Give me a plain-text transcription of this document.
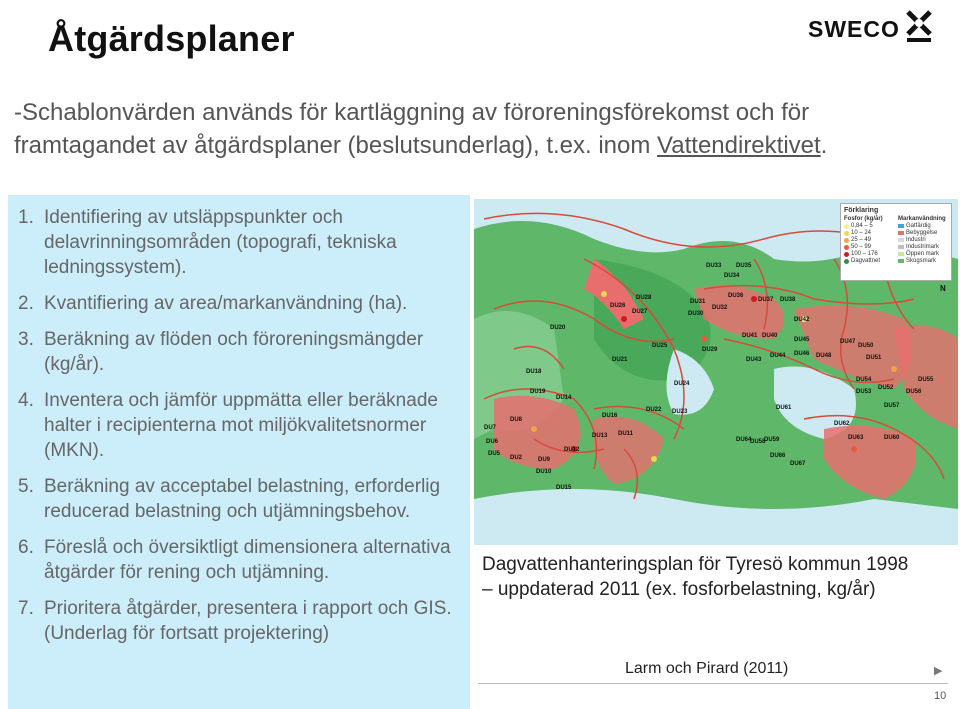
Åtgärdsplaner	SWECO
-Schablonvärden används för kartläggning av föroreningsförekomst och för framtagandet av åtgärdsplaner (beslutsunderlag), t.ex. inom Vattendirektivet.
1. Identifiering av utsläppspunkter och delavrinningsområden (topografi, tekniska ledningssystem).
2. Kvantifiering av area/markanvändning (ha).
3. Beräkning av flöden och föroreningsmängder (kg/år).
4. Inventera och jämför uppmätta eller beräknade halter i recipienterna mot miljökvalitetsnormer (MKN).
5. Beräkning av acceptabel belastning, erforderlig reducerad belastning och utjämningsbehov.
6. Föreslå och översiktligt dimensionera alternativa åtgärder för rening och utjämning.
7. Prioritera åtgärder, presentera i rapport och GIS. (Underlag för fortsatt projektering)
DU33
DU34
DU35
DU28
DU27
DU26
DU31
DU32
DU30
DU36
DU37 DU38
DU42
DU20
DU25
DU29
DU41 DU40
DU45
DU48
DU47
DU50
DU43
DU44 DU46
DU51
DU21
DU18
DU19
DU14
DU24
DU54
DU52
DU53	DU56
DU57
DU61
DU22 DU23
DU16
DU13 DU11
DU12
DU9
DU8
DU7
DU6
DU5
DU2
DU10
DU15
DU58
DU59	DU60
DU62
DU63
DU64
DU66
DU67
DU55
Förklaring
Fosfor (kg/år)
0,84 – 5
10 – 24
25 – 49
50 – 99
100 – 176
Dagvattnet
Markanvändning
Gatfärdig
Bebyggelse
Industri
Industrimark
Öppen mark
Skogsmark
N
Dagvattenhanteringsplan för Tyresö kommun 1998
– uppdaterad 2011 (ex. fosforbelastning, kg/år)
Larm och Pirard (2011)	▶
10
